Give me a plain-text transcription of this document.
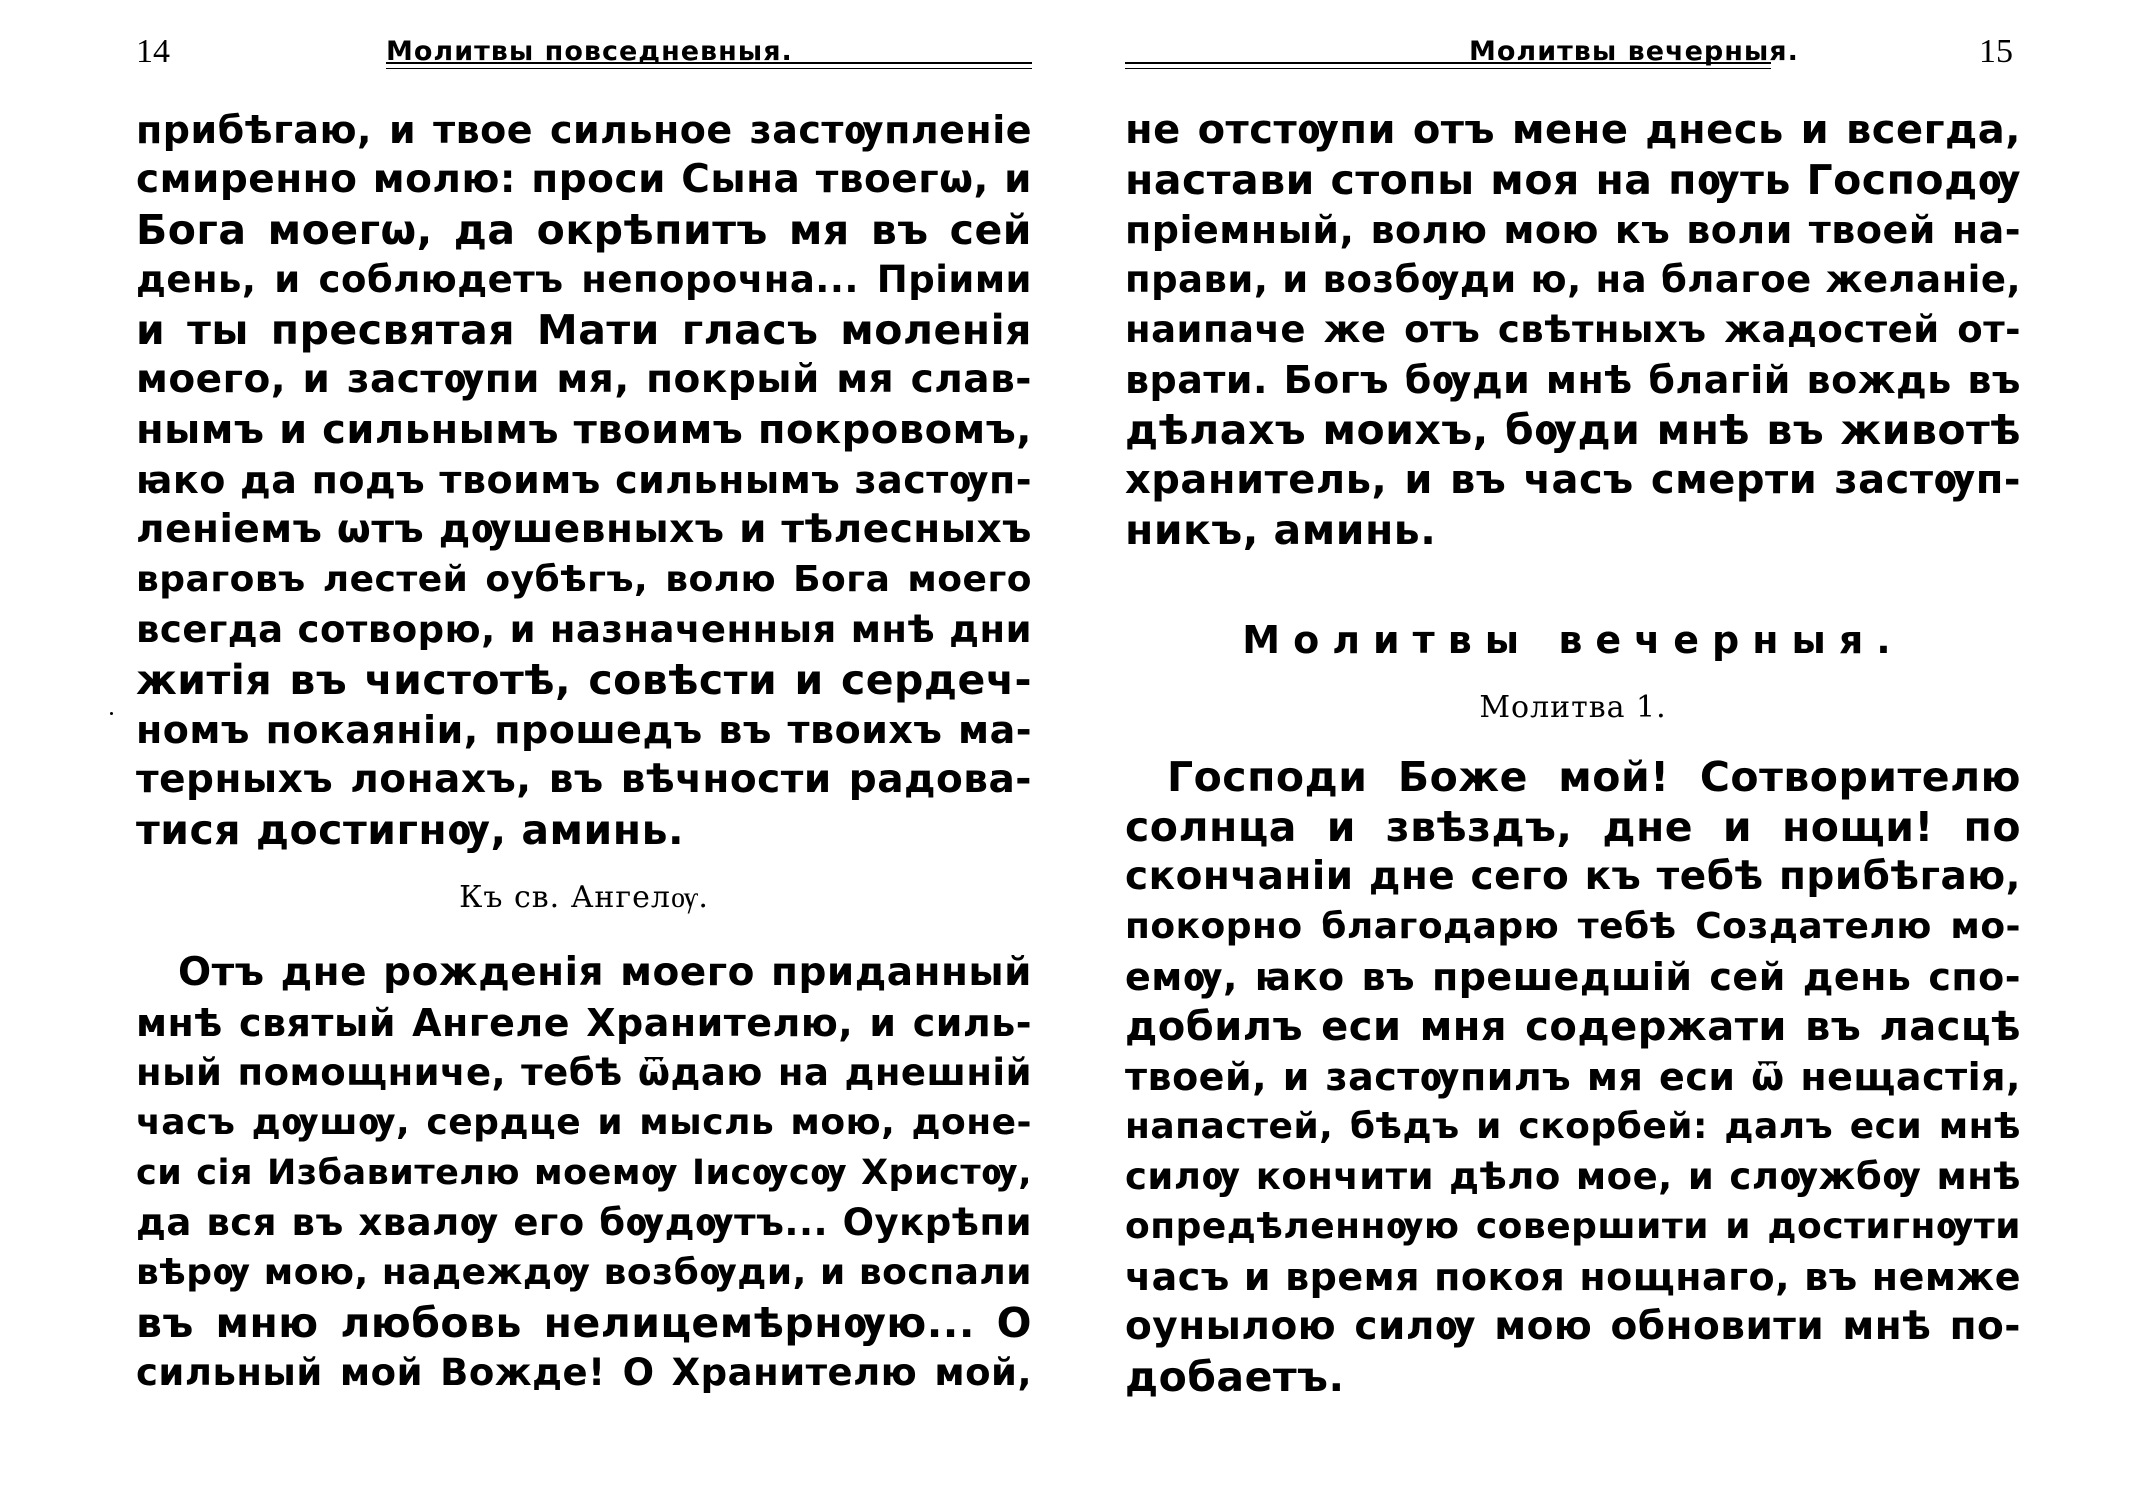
14	Молитвы повседневныя.
прибѣгаю, и твое сильное застѹпленіе
смиренно молю: проси Сына твоегѡ, и
Бога моегѡ, да окрѣпитъ мя въ сей
день, и соблюдетъ непорочна... Пріими
и ты пресвятая Мати гласъ моленія
моего, и застѹпи мя, покрый мя слав-
нымъ и сильнымъ твоимъ покровомъ,
ꙗко да подъ твоимъ сильнымъ застѹп-
леніемъ ѡтъ дѹшевныхъ и тѣлесныхъ
враговъ лестей оубѣгъ, волю Бога моего
всегда сотворю, и назначенныя мнѣ дни
житія въ чистотѣ, совѣсти и сердеч-
номъ покаяніи, прошедъ въ твоихъ ма-
терныхъ лонахъ, въ вѣчности радова-
тися достигнѹ, аминь.
Къ св. Ангелѹ.
Отъ дне рожденія моего приданный
мнѣ святый Ангеле Хранителю, и силь-
ный помощниче, тебѣ ѿдаю на днешній
часъ дѹшѹ, сердце и мысль мою, доне-
си сія Избавителю моемѹ Іисѹсѹ Христѹ,
да вся въ хвалѹ его бѹдѹтъ... Оукрѣпи
вѣрѹ мою, надеждѹ возбѹди, и воспали
въ мню любовь нелицемѣрнѹю... О
сильный мой Вожде! О Хранителю мой,
Молитвы вечерныя.	15
не отстѹпи отъ мене днесь и всегда,
настави стопы моя на пѹть Господѹ
пріемный, волю мою къ воли твоей на-
прави, и возбѹди ю, на благое желаніе,
наипаче же отъ свѣтныхъ жадостей от-
врати. Богъ бѹди мнѣ благій вождь въ
дѣлахъ моихъ, бѹди мнѣ въ животѣ
хранитель, и въ часъ смерти застѹп-
никъ, аминь.
Молитвы вечерныя.
Молитва 1.
Господи Боже мой! Сотворителю
солнца и звѣздъ, дне и нощи! по
скончаніи дне сего къ тебѣ прибѣгаю,
покорно благодарю тебѣ Создателю мо-
емѹ, ꙗко въ прешедшій сей день спо-
добилъ еси мня содержати въ ласцѣ
твоей, и застѹпилъ мя еси ѿ нещастія,
напастей, бѣдъ и скорбей: далъ еси мнѣ
силѹ кончити дѣло мое, и слѹжбѹ мнѣ
опредѣленнѹю совершити и достигнѹти
часъ и время покоя нощнаго, въ немже
оунылою силѹ мою обновити мнѣ по-
добаетъ.
